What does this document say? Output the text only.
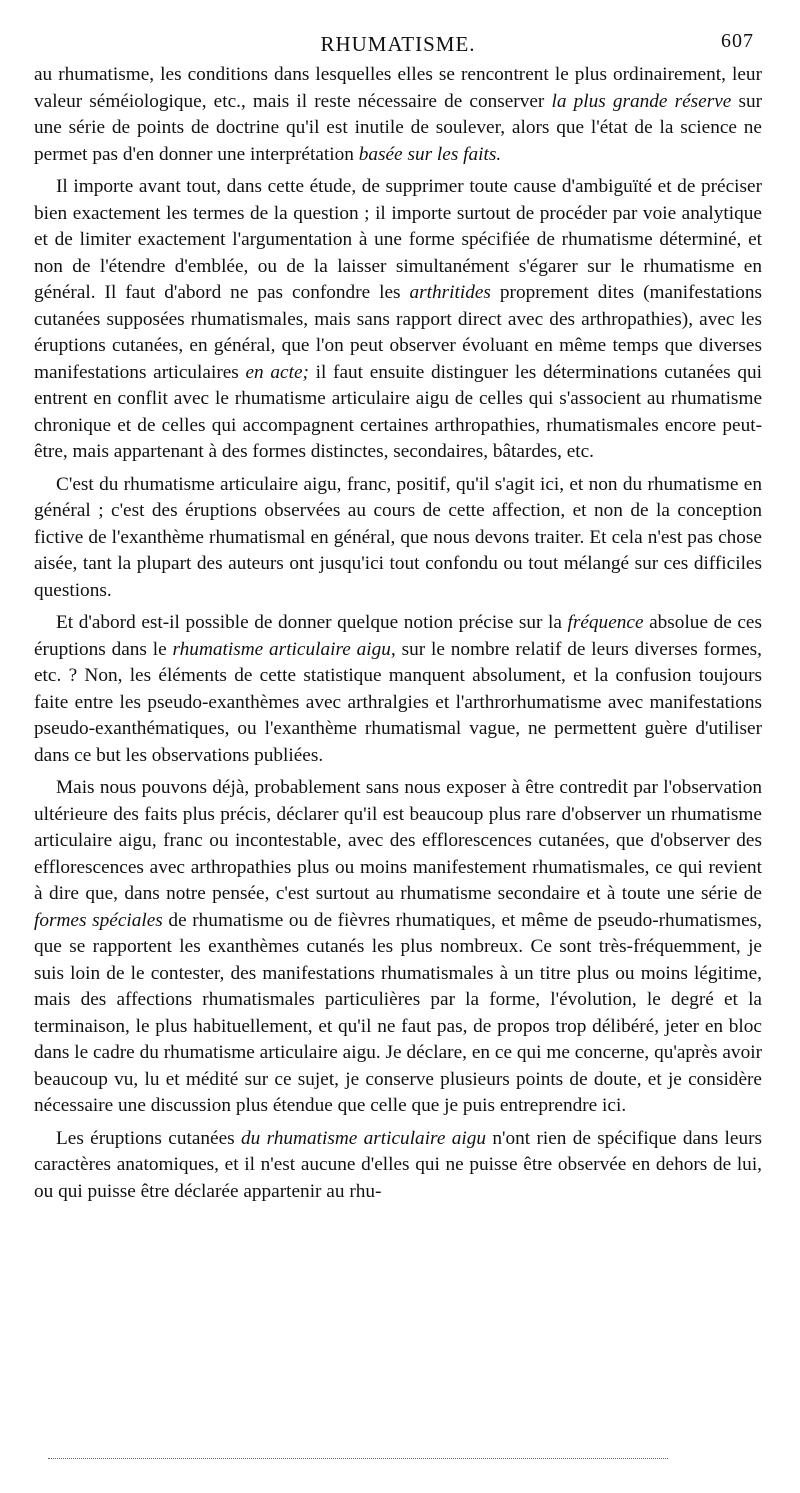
RHUMATISME.	607

au rhumatisme, les conditions dans lesquelles elles se rencontrent le plus ordinairement, leur valeur séméiologique, etc., mais il reste nécessaire de conserver la plus grande réserve sur une série de points de doctrine qu'il est inutile de soulever, alors que l'état de la science ne permet pas d'en donner une interprétation basée sur les faits.

Il importe avant tout, dans cette étude, de supprimer toute cause d'ambiguïté et de préciser bien exactement les termes de la question ; il importe surtout de procéder par voie analytique et de limiter exactement l'argumentation à une forme spécifiée de rhumatisme déterminé, et non de l'étendre d'emblée, ou de la laisser simultanément s'égarer sur le rhumatisme en général. Il faut d'abord ne pas confondre les arthritides proprement dites (manifestations cutanées supposées rhumatismales, mais sans rapport direct avec des arthropathies), avec les éruptions cutanées, en général, que l'on peut observer évoluant en même temps que diverses manifestations articulaires en acte; il faut ensuite distinguer les déterminations cutanées qui entrent en conflit avec le rhumatisme articulaire aigu de celles qui s'associent au rhumatisme chronique et de celles qui accompagnent certaines arthropathies, rhumatismales encore peut-être, mais appartenant à des formes distinctes, secondaires, bâtardes, etc.

C'est du rhumatisme articulaire aigu, franc, positif, qu'il s'agit ici, et non du rhumatisme en général ; c'est des éruptions observées au cours de cette affection, et non de la conception fictive de l'exanthème rhumatismal en général, que nous devons traiter. Et cela n'est pas chose aisée, tant la plupart des auteurs ont jusqu'ici tout confondu ou tout mélangé sur ces difficiles questions.

Et d'abord est-il possible de donner quelque notion précise sur la fréquence absolue de ces éruptions dans le rhumatisme articulaire aigu, sur le nombre relatif de leurs diverses formes, etc. ? Non, les éléments de cette statistique manquent absolument, et la confusion toujours faite entre les pseudo-exanthèmes avec arthralgies et l'arthrorhumatisme avec manifestations pseudo-exanthématiques, ou l'exanthème rhumatismal vague, ne permettent guère d'utiliser dans ce but les observations publiées.

Mais nous pouvons déjà, probablement sans nous exposer à être contredit par l'observation ultérieure des faits plus précis, déclarer qu'il est beaucoup plus rare d'observer un rhumatisme articulaire aigu, franc ou incontestable, avec des efflorescences cutanées, que d'observer des efflorescences avec arthropathies plus ou moins manifestement rhumatismales, ce qui revient à dire que, dans notre pensée, c'est surtout au rhumatisme secondaire et à toute une série de formes spéciales de rhumatisme ou de fièvres rhumatiques, et même de pseudo-rhumatismes, que se rapportent les exanthèmes cutanés les plus nombreux. Ce sont très-fréquemment, je suis loin de le contester, des manifestations rhumatismales à un titre plus ou moins légitime, mais des affections rhumatismales particulières par la forme, l'évolution, le degré et la terminaison, le plus habituellement, et qu'il ne faut pas, de propos trop délibéré, jeter en bloc dans le cadre du rhumatisme articulaire aigu. Je déclare, en ce qui me concerne, qu'après avoir beaucoup vu, lu et médité sur ce sujet, je conserve plusieurs points de doute, et je considère nécessaire une discussion plus étendue que celle que je puis entreprendre ici.

Les éruptions cutanées du rhumatisme articulaire aigu n'ont rien de spécifique dans leurs caractères anatomiques, et il n'est aucune d'elles qui ne puisse être observée en dehors de lui, ou qui puisse être déclarée appartenir au rhu-
